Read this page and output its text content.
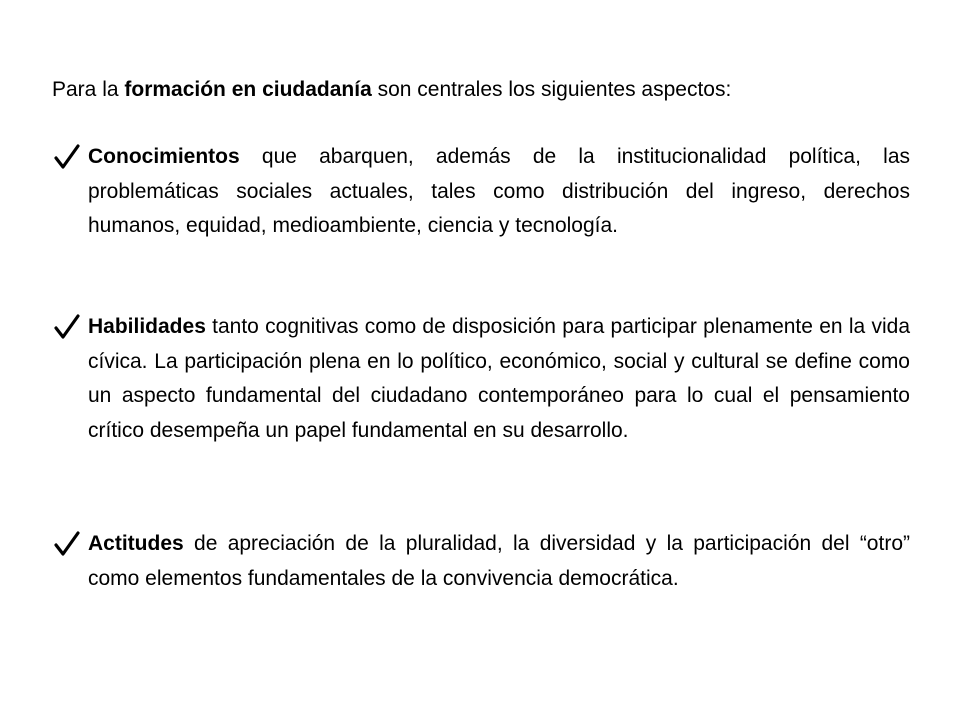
Para la formación en ciudadanía son centrales los siguientes aspectos:

Conocimientos que abarquen, además de la institucionalidad política, las problemáticas sociales actuales, tales como distribución del ingreso, derechos humanos, equidad, medioambiente, ciencia y tecnología.

Habilidades tanto cognitivas como de disposición para participar plenamente en la vida cívica. La participación plena en lo político, económico, social y cultural se define como un aspecto fundamental del ciudadano contemporáneo para lo cual el pensamiento crítico desempeña un papel fundamental en su desarrollo.

Actitudes de apreciación de la pluralidad, la diversidad y la participación del “otro” como elementos fundamentales de la convivencia democrática.
